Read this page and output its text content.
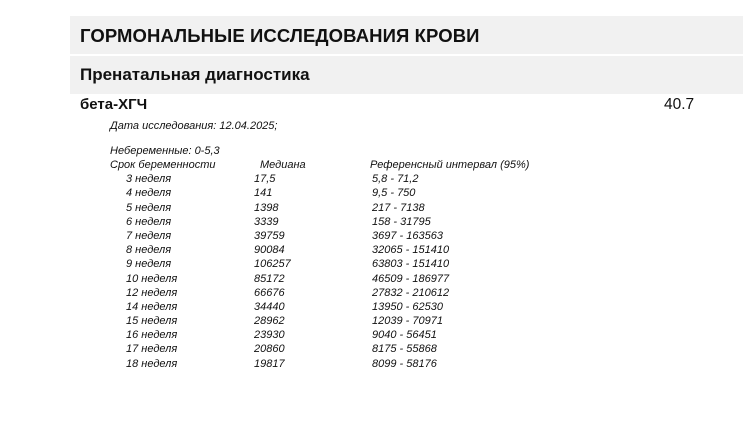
ГОРМОНАЛЬНЫЕ ИССЛЕДОВАНИЯ КРОВИ
Пренатальная диагностика
бета-ХГЧ	40.7
Дата исследования: 12.04.2025;
Небеременные: 0-5,3
Срок беременности	Медиана	Референсный интервал (95%)
3 неделя	17,5	5,8 - 71,2
4 неделя	141	9,5 - 750
5 неделя	1398	217 - 7138
6 неделя	3339	158 - 31795
7 неделя	39759	3697 - 163563
8 неделя	90084	32065 - 151410
9 неделя	106257	63803 - 151410
10 неделя	85172	46509 - 186977
12 неделя	66676	27832 - 210612
14 неделя	34440	13950 - 62530
15 неделя	28962	12039 - 70971
16 неделя	23930	9040 - 56451
17 неделя	20860	8175 - 55868
18 неделя	19817	8099 - 58176
